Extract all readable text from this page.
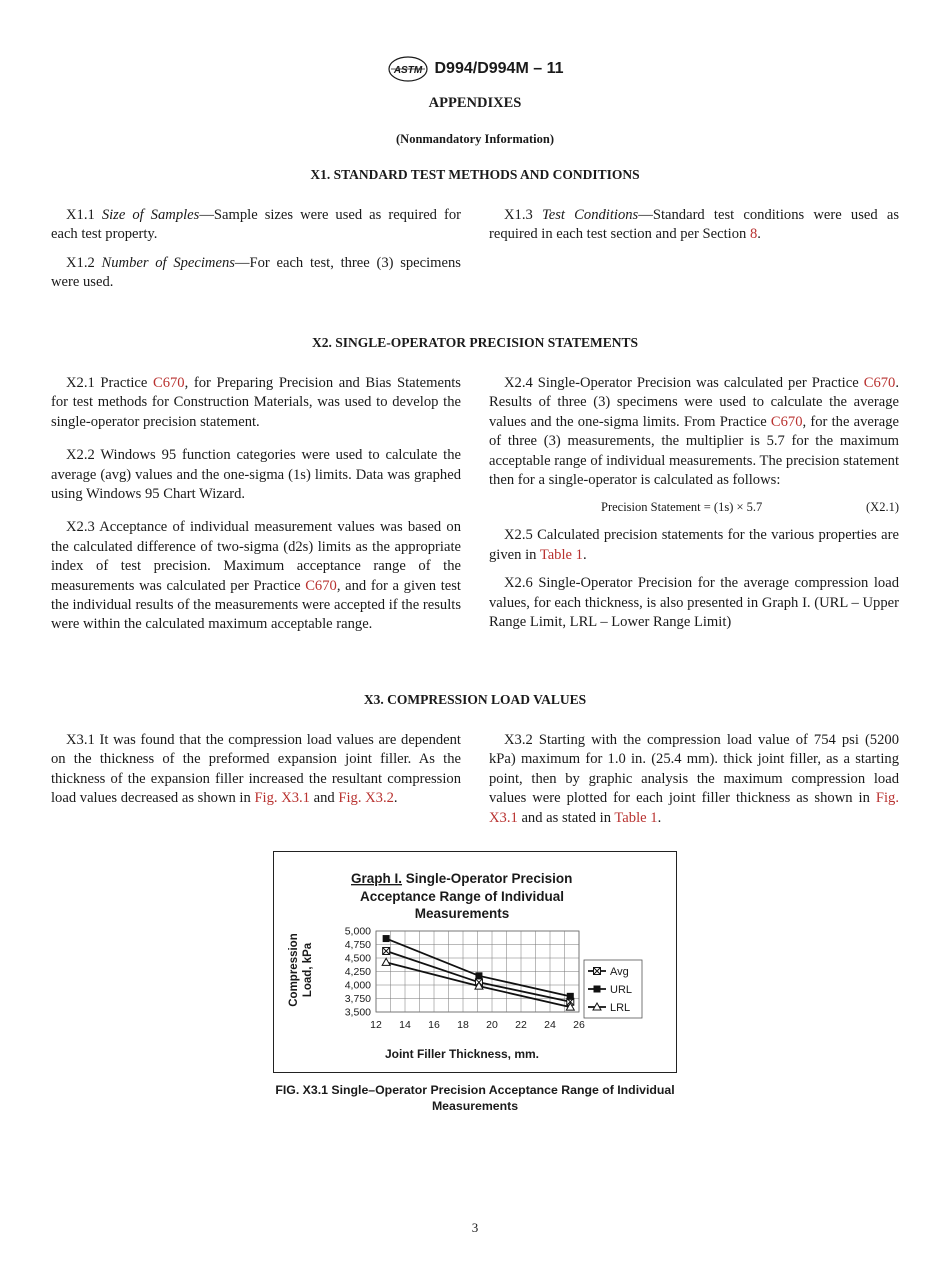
ASTM D994/D994M – 11
APPENDIXES
(Nonmandatory Information)
X1. STANDARD TEST METHODS AND CONDITIONS

X1.1 Size of Samples—Sample sizes were used as required for each test property.

X1.2 Number of Specimens—For each test, three (3) specimens were used.

X1.3 Test Conditions—Standard test conditions were used as required in each test section and per Section 8.

X2. SINGLE-OPERATOR PRECISION STATEMENTS

X2.1 Practice C670, for Preparing Precision and Bias Statements for test methods for Construction Materials, was used to develop the single-operator precision statement.

X2.2 Windows 95 function categories were used to calculate the average (avg) values and the one-sigma (1s) limits. Data was graphed using Windows 95 Chart Wizard.

X2.3 Acceptance of individual measurement values was based on the calculated difference of two-sigma (d2s) limits as the appropriate index of test precision. Maximum acceptance range of the measurements was calculated per Practice C670, and for a given test the individual results of the measurements were accepted if the results were within the calculated maximum acceptable range.

X2.4 Single-Operator Precision was calculated per Practice C670. Results of three (3) specimens were used to calculate the average values and the one-sigma limits. From Practice C670, for the average of three (3) measurements, the multiplier is 5.7 for the maximum acceptable range of individual measurements. The precision statement then for a single-operator is calculated as follows:

Precision Statement = (1s) × 5.7	(X2.1)

X2.5 Calculated precision statements for the various properties are given in Table 1.

X2.6 Single-Operator Precision for the average compression load values, for each thickness, is also presented in Graph I. (URL – Upper Range Limit, LRL – Lower Range Limit)

X3. COMPRESSION LOAD VALUES

X3.1 It was found that the compression load values are dependent on the thickness of the preformed expansion joint filler. As the thickness of the expansion filler increased the resultant compression load values decreased as shown in Fig. X3.1 and Fig. X3.2.

X3.2 Starting with the compression load value of 754 psi (5200 kPa) maximum for 1.0 in. (25.4 mm). thick joint filler, as a starting point, then by graphic analysis the maximum compression load values were plotted for each joint filler thickness as shown in Fig. X3.1 and as stated in Table 1.

Graph I. Single-Operator Precision
Acceptance Range of Individual
Measurements
Compression Load, kPa
3,500
3,750
4,000
4,250
4,500
4,750
5,000
12 14 16 18 20 22 24 26
Joint Filler Thickness, mm.
Avg
URL
LRL
FIG. X3.1 Single–Operator Precision Acceptance Range of Individual Measurements
3
